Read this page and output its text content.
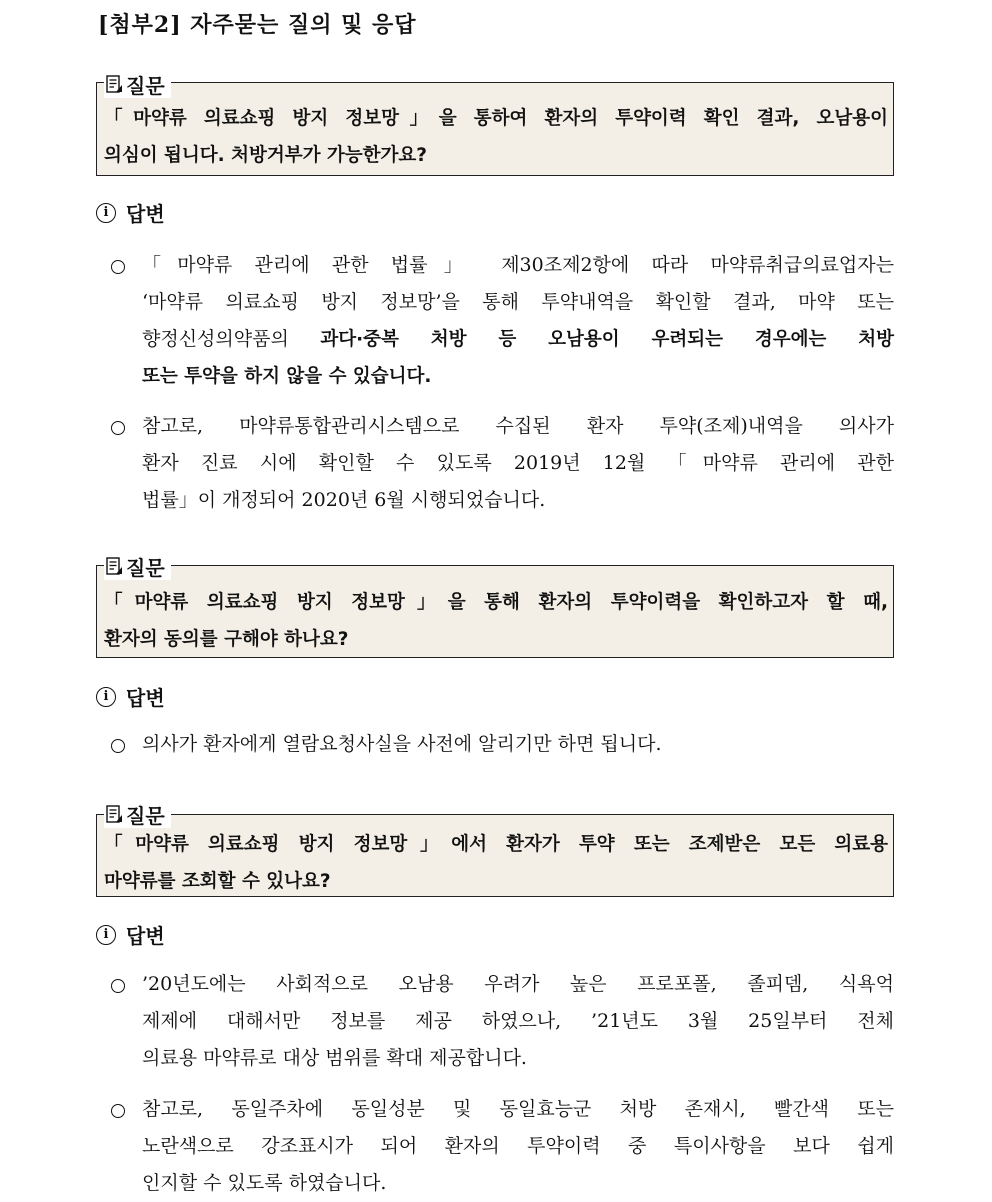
[첨부2] 자주묻는 질의 및 응답
질문
「마약류 의료쇼핑 방지 정보망」을 통하여 환자의 투약이력 확인 결과, 오남용이
의심이 됩니다. 처방거부가 가능한가요?
i 답변
「마약류 관리에 관한 법률」 제30조제2항에 따라 마약류취급의료업자는
‘마약류 의료쇼핑 방지 정보망’을 통해 투약내역을 확인할 결과, 마약 또는
향정신성의약품의 과다·중복 처방 등 오남용이 우려되는 경우에는 처방
또는 투약을 하지 않을 수 있습니다.
참고로, 마약류통합관리시스템으로 수집된 환자 투약(조제)내역을 의사가
환자 진료 시에 확인할 수 있도록 2019년 12월 「마약류 관리에 관한
법률」이 개정되어 2020년 6월 시행되었습니다.
질문
「마약류 의료쇼핑 방지 정보망」을 통해 환자의 투약이력을 확인하고자 할 때,
환자의 동의를 구해야 하나요?
i 답변
의사가 환자에게 열람요청사실을 사전에 알리기만 하면 됩니다.
질문
「마약류 의료쇼핑 방지 정보망」에서 환자가 투약 또는 조제받은 모든 의료용
마약류를 조회할 수 있나요?
i 답변
’20년도에는 사회적으로 오남용 우려가 높은 프로포폴, 졸피뎀, 식욕억
제제에 대해서만 정보를 제공 하였으나, ’21년도 3월 25일부터 전체
의료용 마약류로 대상 범위를 확대 제공합니다.
참고로, 동일주차에 동일성분 및 동일효능군 처방 존재시, 빨간색 또는
노란색으로 강조표시가 되어 환자의 투약이력 중 특이사항을 보다 쉽게
인지할 수 있도록 하였습니다.
